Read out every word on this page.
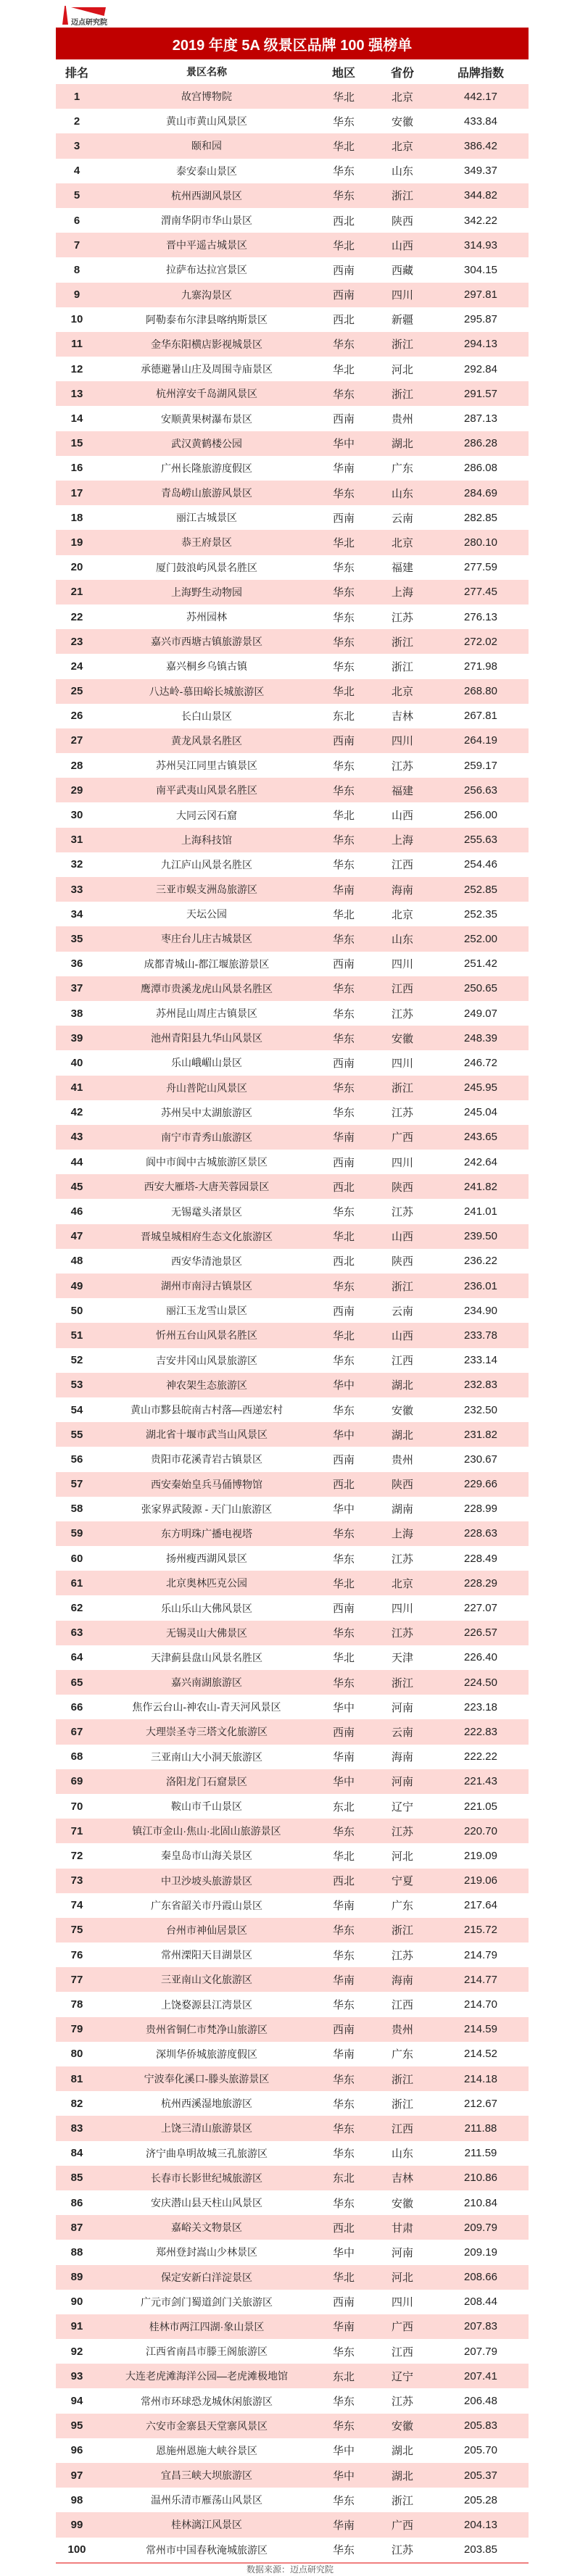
迈点研究院
2019 年度 5A 级景区品牌 100 强榜单
排名	景区名称	地区	省份	品牌指数
1	故宫博物院	华北	北京	442.17
2	黄山市黄山风景区	华东	安徽	433.84
3	颐和园	华北	北京	386.42
4	泰安泰山景区	华东	山东	349.37
5	杭州西湖风景区	华东	浙江	344.82
6	渭南华阴市华山景区	西北	陕西	342.22
7	晋中平遥古城景区	华北	山西	314.93
8	拉萨布达拉宫景区	西南	西藏	304.15
9	九寨沟景区	西南	四川	297.81
10	阿勒泰布尔津县喀纳斯景区	西北	新疆	295.87
11	金华东阳横店影视城景区	华东	浙江	294.13
12	承德避暑山庄及周围寺庙景区	华北	河北	292.84
13	杭州淳安千岛湖风景区	华东	浙江	291.57
14	安顺黄果树瀑布景区	西南	贵州	287.13
15	武汉黄鹤楼公园	华中	湖北	286.28
16	广州长隆旅游度假区	华南	广东	286.08
17	青岛崂山旅游风景区	华东	山东	284.69
18	丽江古城景区	西南	云南	282.85
19	恭王府景区	华北	北京	280.10
20	厦门鼓浪屿风景名胜区	华东	福建	277.59
21	上海野生动物园	华东	上海	277.45
22	苏州园林	华东	江苏	276.13
23	嘉兴市西塘古镇旅游景区	华东	浙江	272.02
24	嘉兴桐乡乌镇古镇	华东	浙江	271.98
25	八达岭-慕田峪长城旅游区	华北	北京	268.80
26	长白山景区	东北	吉林	267.81
27	黄龙风景名胜区	西南	四川	264.19
28	苏州吴江同里古镇景区	华东	江苏	259.17
29	南平武夷山风景名胜区	华东	福建	256.63
30	大同云冈石窟	华北	山西	256.00
31	上海科技馆	华东	上海	255.63
32	九江庐山风景名胜区	华东	江西	254.46
33	三亚市蜈支洲岛旅游区	华南	海南	252.85
34	天坛公园	华北	北京	252.35
35	枣庄台儿庄古城景区	华东	山东	252.00
36	成都青城山-都江堰旅游景区	西南	四川	251.42
37	鹰潭市贵溪龙虎山风景名胜区	华东	江西	250.65
38	苏州昆山周庄古镇景区	华东	江苏	249.07
39	池州青阳县九华山风景区	华东	安徽	248.39
40	乐山峨嵋山景区	西南	四川	246.72
41	舟山普陀山风景区	华东	浙江	245.95
42	苏州吴中太湖旅游区	华东	江苏	245.04
43	南宁市青秀山旅游区	华南	广西	243.65
44	阆中市阆中古城旅游区景区	西南	四川	242.64
45	西安大雁塔-大唐芙蓉园景区	西北	陕西	241.82
46	无锡鼋头渚景区	华东	江苏	241.01
47	晋城皇城相府生态文化旅游区	华北	山西	239.50
48	西安华清池景区	西北	陕西	236.22
49	湖州市南浔古镇景区	华东	浙江	236.01
50	丽江玉龙雪山景区	西南	云南	234.90
51	忻州五台山风景名胜区	华北	山西	233.78
52	吉安井冈山风景旅游区	华东	江西	233.14
53	神农架生态旅游区	华中	湖北	232.83
54	黄山市黟县皖南古村落—西递宏村	华东	安徽	232.50
55	湖北省十堰市武当山风景区	华中	湖北	231.82
56	贵阳市花溪青岩古镇景区	西南	贵州	230.67
57	西安秦始皇兵马俑博物馆	西北	陕西	229.66
58	张家界武陵源 - 天门山旅游区	华中	湖南	228.99
59	东方明珠广播电视塔	华东	上海	228.63
60	扬州瘦西湖风景区	华东	江苏	228.49
61	北京奥林匹克公园	华北	北京	228.29
62	乐山乐山大佛风景区	西南	四川	227.07
63	无锡灵山大佛景区	华东	江苏	226.57
64	天津蓟县盘山风景名胜区	华北	天津	226.40
65	嘉兴南湖旅游区	华东	浙江	224.50
66	焦作云台山-神农山-青天河风景区	华中	河南	223.18
67	大理崇圣寺三塔文化旅游区	西南	云南	222.83
68	三亚南山大小洞天旅游区	华南	海南	222.22
69	洛阳龙门石窟景区	华中	河南	221.43
70	鞍山市千山景区	东北	辽宁	221.05
71	镇江市金山·焦山·北固山旅游景区	华东	江苏	220.70
72	秦皇岛市山海关景区	华北	河北	219.09
73	中卫沙坡头旅游景区	西北	宁夏	219.06
74	广东省韶关市丹霞山景区	华南	广东	217.64
75	台州市神仙居景区	华东	浙江	215.72
76	常州溧阳天目湖景区	华东	江苏	214.79
77	三亚南山文化旅游区	华南	海南	214.77
78	上饶婺源县江湾景区	华东	江西	214.70
79	贵州省铜仁市梵净山旅游区	西南	贵州	214.59
80	深圳华侨城旅游度假区	华南	广东	214.52
81	宁波奉化溪口-滕头旅游景区	华东	浙江	214.18
82	杭州西溪湿地旅游区	华东	浙江	212.67
83	上饶三清山旅游景区	华东	江西	211.88
84	济宁曲阜明故城三孔旅游区	华东	山东	211.59
85	长春市长影世纪城旅游区	东北	吉林	210.86
86	安庆潜山县天柱山风景区	华东	安徽	210.84
87	嘉峪关文物景区	西北	甘肃	209.79
88	郑州登封嵩山少林景区	华中	河南	209.19
89	保定安新白洋淀景区	华北	河北	208.66
90	广元市剑门蜀道剑门关旅游区	西南	四川	208.44
91	桂林市两江四湖·象山景区	华南	广西	207.83
92	江西省南昌市滕王阁旅游区	华东	江西	207.79
93	大连老虎滩海洋公园—老虎滩极地馆	东北	辽宁	207.41
94	常州市环球恐龙城休闲旅游区	华东	江苏	206.48
95	六安市金寨县天堂寨风景区	华东	安徽	205.83
96	恩施州恩施大峡谷景区	华中	湖北	205.70
97	宜昌三峡大坝旅游区	华中	湖北	205.37
98	温州乐清市雁荡山风景区	华东	浙江	205.28
99	桂林漓江风景区	华南	广西	204.13
100	常州市中国春秋淹城旅游区	华东	江苏	203.85
数据来源：迈点研究院
